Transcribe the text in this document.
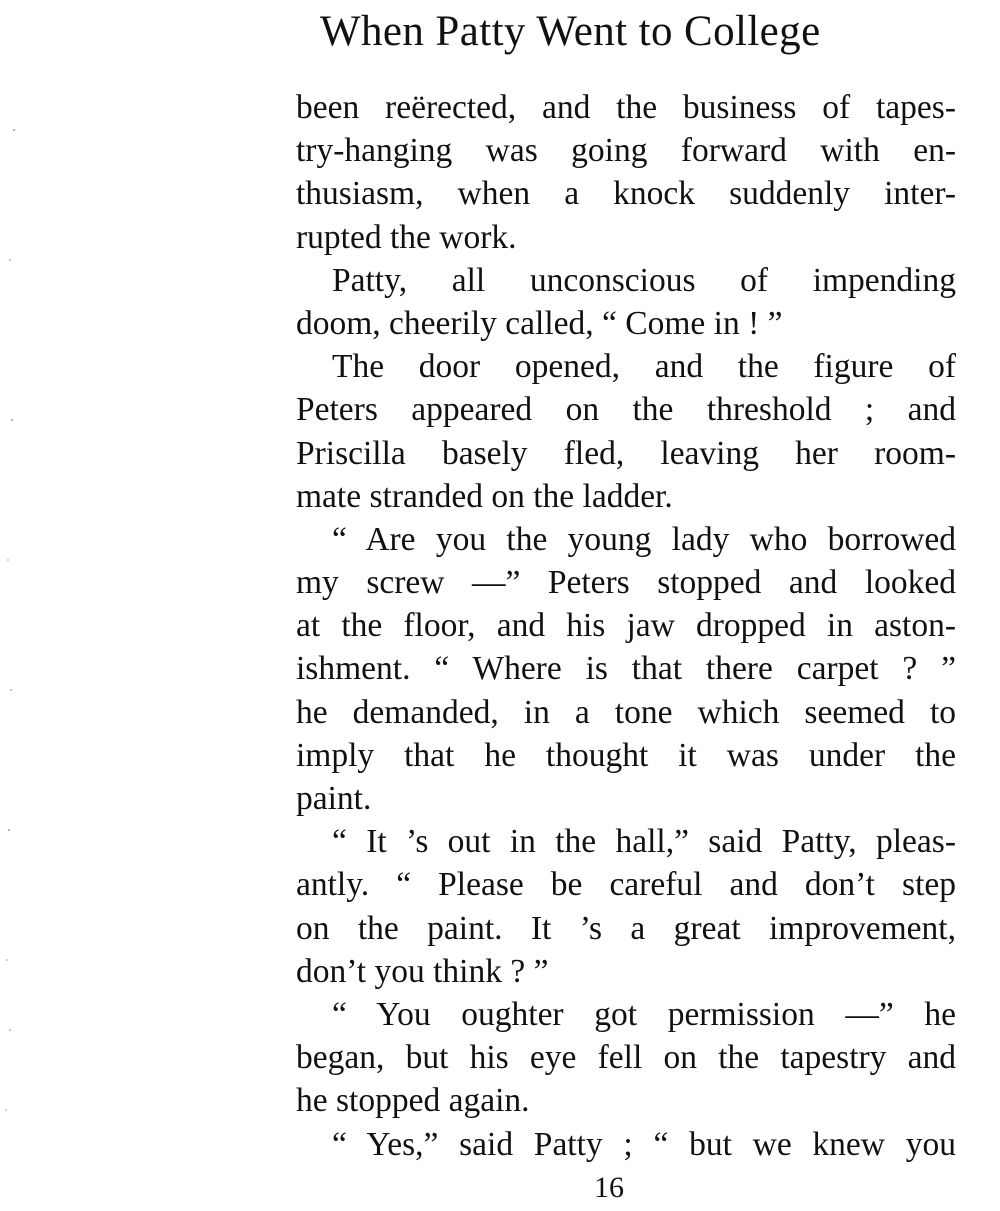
When Patty Went to College
been reërected, and the business of tapes-
try-hanging was going forward with en-
thusiasm, when a knock suddenly inter-
rupted the work.
Patty, all unconscious of impending
doom, cheerily called, “ Come in ! ”
The door opened, and the figure of
Peters appeared on the threshold ; and
Priscilla basely fled, leaving her room-
mate stranded on the ladder.
“ Are you the young lady who borrowed
my screw —” Peters stopped and looked
at the floor, and his jaw dropped in aston-
ishment. “ Where is that there carpet ? ”
he demanded, in a tone which seemed to
imply that he thought it was under the
paint.
“ It ’s out in the hall,” said Patty, pleas-
antly. “ Please be careful and don’t step
on the paint. It ’s a great improvement,
don’t you think ? ”
“ You oughter got permission —” he
began, but his eye fell on the tapestry and
he stopped again.
“ Yes,” said Patty ; “ but we knew you
16
